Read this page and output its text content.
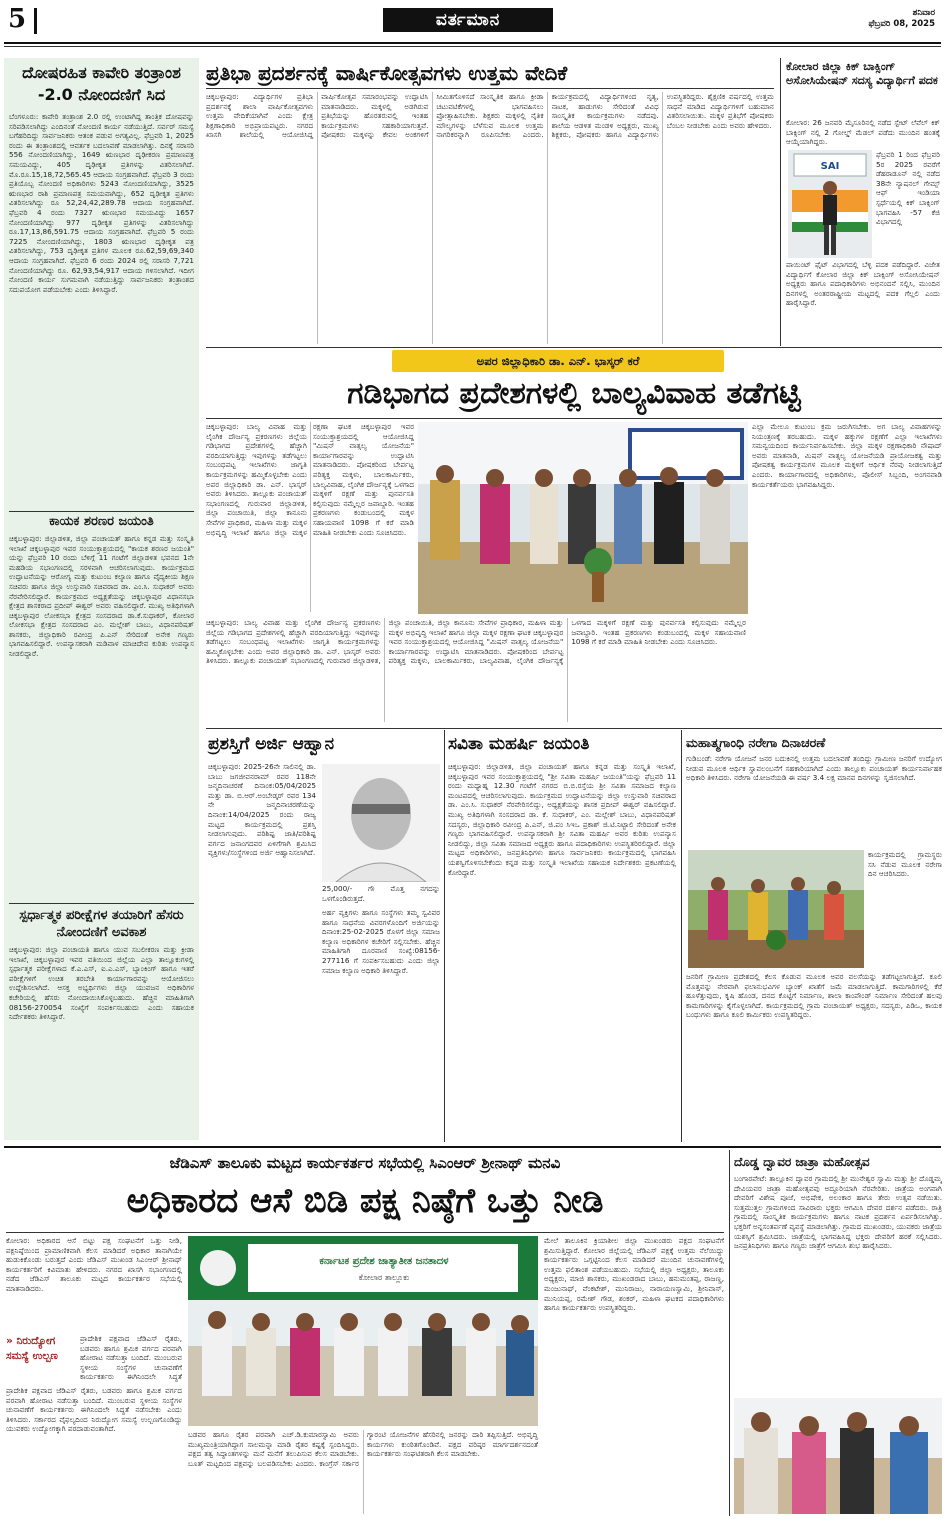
5	ವರ್ತಮಾನ	ಶನಿವಾರ
ಫೆಬ್ರವರಿ 08, 2025
ದೋಷರಹಿತ ಕಾವೇರಿ ತಂತ್ರಾಂಶ -2.0 ನೋಂದಣಿಗೆ ಸಿದ
ಬೆಂಗಳೂರು: ಕಾವೇರಿ ತಂತ್ರಾಂಶ 2.0 ರಲ್ಲಿ ಉಂಟಾಗಿದ್ದ ತಾಂತ್ರಿಕ ದೋಷವನ್ನು ಸರಿಪಡಿಸಲಾಗಿದ್ದು ಎಂದಿನಂತೆ ನೋಂದಣಿ ಕಾರ್ಯ ನಡೆಯುತ್ತಿದೆ. ಸರ್ವರ್ ಸಮಸ್ಯೆ ಬಗೆಹರಿದಿದ್ದು ಸಾರ್ವಜನಿಕರು ಆತಂಕ ಪಡುವ ಅಗತ್ಯವಿಲ್ಲ. ಫೆಬ್ರವರಿ 1, 2025 ರಂದು ಈ ತಂತ್ರಾಂಶದಲ್ಲಿ ಆವರ್ತಕ ಬದಲಾವಣೆ ಮಾಡಲಾಗಿತ್ತು. ದಿನಕ್ಕೆ ಸರಾಸರಿ 556 ನೋಂದಣಿಯಾಗಿದ್ದು, 1649 ಋಣಭಾರ ದೃಢೀಕರಣ ಪ್ರಮಾಣಪತ್ರ ಸಮಯವಿದ್ದು, 405 ದೃಢೀಕೃತ ಪ್ರತಿಗಳನ್ನು ವಿತರಿಸಲಾಗಿದೆ. ಮೊ.ರೂ.15,18,72,565.45 ಆದಾಯ ಸಂಗ್ರಹವಾಗಿದೆ. ಫೆಬ್ರವರಿ 3 ರಂದು ಪ್ರತಿಯೊಬ್ಬ ನೋಂದಣಿ ಅಧಿಕಾರಿಗಳು 5243 ನೋಂದಣಿಯಾಗಿದ್ದು, 3525 ಋಣಭಾರ ರಾಶಿ ಪ್ರಮಾಣಪತ್ರ ಸಮಯವಾಗಿದ್ದು, 652 ದೃಢೀಕೃತ ಪ್ರತಿಗಳು ವಿತರಿಸಲಾಗಿದ್ದು ರೂ 52,24,42,289.78 ಆದಾಯ ಸಂಗ್ರಹವಾಗಿದೆ. ಫೆಬ್ರವರಿ 4 ರಂದು 7327 ಋಣಭಾರ ಸಮಯವಿದ್ದು 1657 ನೋಂದಣಿಯಾಗಿದ್ದು 977 ದೃಢೀಕೃತ ಪ್ರತಿಗಳನ್ನು ವಿತರಿಸಲಾಗಿದ್ದು ರೂ.17,13,86,591.75 ಆದಾಯ ಸಂಗ್ರಹವಾಗಿದೆ. ಫೆಬ್ರವರಿ 5 ರಂದು 7225 ನೋಂದಣಿಯಾಗಿದ್ದು, 1803 ಋಣಭಾರ ದೃಢೀಕೃತ ಪತ್ರ ವಿತರಿಸಲಾಗಿದ್ದು, 753 ದೃಢೀಕೃತ ಪ್ರತಿಗಳ ಮೂಲಕ ರೂ.62,59,69,340 ಆದಾಯ ಸಂಗ್ರಹವಾಗಿದೆ. ಫೆಬ್ರವರಿ 6 ರಂದು 2024 ರಲ್ಲಿ ಸರಾಸರಿ 7,721 ನೋಂದಣಿಯಾಗಿದ್ದು ರೂ. 62,93,54,917 ಆದಾಯ ಗಳಿಸಲಾಗಿದೆ. ಇದೀಗ ನೋಂದಣಿ ಕಾರ್ಯ ಸುಗಮವಾಗಿ ನಡೆಯುತ್ತಿದ್ದು ಸಾರ್ವಜನಿಕರು ತಂತ್ರಾಂಶದ ಸದುಪಯೋಗ ಪಡೆಯಬೇಕು ಎಂದು ತಿಳಿಸಿದ್ದಾರೆ.
ಕಾಯಕ ಶರಣರ ಜಯಂತಿ
ಚಿಕ್ಕಬಳ್ಳಾಪುರ: ಜಿಲ್ಲಾಡಳಿತ, ಜಿಲ್ಲಾ ಪಂಚಾಯತ್ ಹಾಗೂ ಕನ್ನಡ ಮತ್ತು ಸಂಸ್ಕೃತಿ ಇಲಾಖೆ ಚಿಕ್ಕಬಳ್ಳಾಪುರ ಇವರ ಸಂಯುಕ್ತಾಶ್ರಯದಲ್ಲಿ "ಕಾಯಕ ಶರಣರ ಜಯಂತಿ" ಯನ್ನು ಫೆಬ್ರವರಿ 10 ರಂದು ಬೆಳಿಗ್ಗೆ 11 ಗಂಟೆಗೆ ಜಿಲ್ಲಾಡಳಿತ ಭವನದ 1ನೇ ಮಹಡಿಯ ಸಭಾಂಗಣದಲ್ಲಿ ಸರಳವಾಗಿ ಆಚರಿಸಲಾಗುವುದು. ಕಾರ್ಯಕ್ರಮದ ಉದ್ಘಾಟನೆಯನ್ನು ಆರೋಗ್ಯ ಮತ್ತು ಕುಟುಂಬ ಕಲ್ಯಾಣ ಹಾಗೂ ವೈದ್ಯಕೀಯ ಶಿಕ್ಷಣ ಸಚಿವರು ಹಾಗೂ ಜಿಲ್ಲಾ ಉಸ್ತುವಾರಿ ಸಚಿವರಾದ ಡಾ. ಎಂ.ಸಿ. ಸುಧಾಕರ್ ಅವರು ನೆರವೇರಿಸಲಿದ್ದಾರೆ. ಕಾರ್ಯಕ್ರಮದ ಅಧ್ಯಕ್ಷತೆಯನ್ನು ಚಿಕ್ಕಬಳ್ಳಾಪುರ ವಿಧಾನಸಭಾ ಕ್ಷೇತ್ರದ ಶಾಸಕರಾದ ಪ್ರದೀಪ್ ಈಶ್ವರ್ ಅವರು ವಹಿಸಲಿದ್ದಾರೆ. ಮುಖ್ಯ ಅತಿಥಿಗಳಾಗಿ ಚಿಕ್ಕಬಳ್ಳಾಪುರ ಲೋಕಸಭಾ ಕ್ಷೇತ್ರದ ಸಂಸದರಾದ ಡಾ.ಕೆ.ಸುಧಾಕರ್, ಕೋಲಾರ ಲೋಕಸಭಾ ಕ್ಷೇತ್ರದ ಸಂಸದರಾದ ಎಂ. ಮಲ್ಲೇಶ್ ಬಾಬು, ವಿಧಾನಪರಿಷತ್ ಶಾಸಕರು, ಜಿಲ್ಲಾಧಿಕಾರಿ ರವೀಂದ್ರ ಪಿ.ಎನ್ ಸೇರಿದಂತೆ ಅನೇಕ ಗಣ್ಯರು ಭಾಗವಹಿಸಲಿದ್ದಾರೆ. ಉಪನ್ಯಾಸಕರಾಗಿ ಮಡಿವಾಳ ಮಾಚಿದೇವ ಕುರಿತು ಉಪನ್ಯಾಸ ನೀಡಲಿದ್ದಾರೆ.
ಸ್ಪರ್ಧಾತ್ಮಕ ಪರೀಕ್ಷೆಗಳ ತಯಾರಿಗೆ ಹೆಸರು ನೋಂದಣಿಗೆ ಅವಕಾಶ
ಚಿಕ್ಕಬಳ್ಳಾಪುರ: ಜಿಲ್ಲಾ ಪಂಚಾಯತಿ ಹಾಗೂ ಯುವ ಸಬಲೀಕರಣ ಮತ್ತು ಕ್ರೀಡಾ ಇಲಾಖೆ, ಚಿಕ್ಕಬಳ್ಳಾಪುರ ಇವರ ವತಿಯಿಂದ ಜಿಲ್ಲೆಯ ಎಲ್ಲಾ ತಾಲ್ಲೂಕುಗಳಲ್ಲಿ ಸ್ಪರ್ಧಾತ್ಮಕ ಪರೀಕ್ಷೆಗಳಾದ ಕೆ.ಎ.ಎಸ್, ಐ.ಎ.ಎಸ್, ಬ್ಯಾಂಕಿಂಗ್ ಹಾಗೂ ಇತರೆ ಪರೀಕ್ಷೆಗಳಿಗೆ ಉಚಿತ ತರಬೇತಿ ಕಾರ್ಯಾಗಾರವನ್ನು ಆಯೋಜಿಸಲು ಉದ್ದೇಶಿಸಲಾಗಿದೆ. ಆಸಕ್ತ ಅಭ್ಯರ್ಥಿಗಳು ಜಿಲ್ಲಾ ಯುವಜನ ಅಧಿಕಾರಿಗಳ ಕಚೇರಿಯಲ್ಲಿ ಹೆಸರು ನೋಂದಾಯಿಸಿಕೊಳ್ಳಬಹುದು. ಹೆಚ್ಚಿನ ಮಾಹಿತಿಗಾಗಿ 08156-270054 ಸಂಖ್ಯೆಗೆ ಸಂಪರ್ಕಿಸಬಹುದು ಎಂದು ಸಹಾಯಕ ನಿರ್ದೇಶಕರು ತಿಳಿಸಿದ್ದಾರೆ.
ಪ್ರತಿಭಾ ಪ್ರದರ್ಶನಕ್ಕೆ ವಾರ್ಷಿಕೋತ್ಸವಗಳು ಉತ್ತಮ ವೇದಿಕೆ
ಚಿಕ್ಕಬಳ್ಳಾಪುರ: ವಿದ್ಯಾರ್ಥಿಗಳ ಪ್ರತಿಭಾ ಪ್ರದರ್ಶನಕ್ಕೆ ಶಾಲಾ ವಾರ್ಷಿಕೋತ್ಸವಗಳು ಉತ್ತಮ ವೇದಿಕೆಯಾಗಿವೆ ಎಂದು ಕ್ಷೇತ್ರ ಶಿಕ್ಷಣಾಧಿಕಾರಿ ಅಭಿಪ್ರಾಯಪಟ್ಟರು. ನಗರದ ಖಾಸಗಿ ಶಾಲೆಯಲ್ಲಿ ಆಯೋಜಿಸಿದ್ದ ವಾರ್ಷಿಕೋತ್ಸವ ಸಮಾರಂಭವನ್ನು ಉದ್ಘಾಟಿಸಿ ಮಾತನಾಡಿದರು. ಮಕ್ಕಳಲ್ಲಿ ಅಡಗಿರುವ ಪ್ರತಿಭೆಯನ್ನು ಹೊರತರುವಲ್ಲಿ ಇಂತಹ ಕಾರ್ಯಕ್ರಮಗಳು ಸಹಕಾರಿಯಾಗುತ್ತವೆ. ಪೋಷಕರು ಮಕ್ಕಳನ್ನು ಕೇವಲ ಅಂಕಗಳಿಗೆ ಸೀಮಿತಗೊಳಿಸದೆ ಸಾಂಸ್ಕೃತಿಕ ಹಾಗೂ ಕ್ರೀಡಾ ಚಟುವಟಿಕೆಗಳಲ್ಲಿ ಭಾಗವಹಿಸಲು ಪ್ರೋತ್ಸಾಹಿಸಬೇಕು. ಶಿಕ್ಷಕರು ಮಕ್ಕಳಲ್ಲಿ ನೈತಿಕ ಮೌಲ್ಯಗಳನ್ನು ಬೆಳೆಸುವ ಮೂಲಕ ಉತ್ತಮ ನಾಗರಿಕರನ್ನಾಗಿ ರೂಪಿಸಬೇಕು ಎಂದರು. ಕಾರ್ಯಕ್ರಮದಲ್ಲಿ ವಿದ್ಯಾರ್ಥಿಗಳಿಂದ ನೃತ್ಯ, ನಾಟಕ, ಹಾಡುಗಳು ಸೇರಿದಂತೆ ವಿವಿಧ ಸಾಂಸ್ಕೃತಿಕ ಕಾರ್ಯಕ್ರಮಗಳು ನಡೆದವು. ಶಾಲೆಯ ಆಡಳಿತ ಮಂಡಳಿ ಅಧ್ಯಕ್ಷರು, ಮುಖ್ಯ ಶಿಕ್ಷಕರು, ಪೋಷಕರು ಹಾಗೂ ವಿದ್ಯಾರ್ಥಿಗಳು ಉಪಸ್ಥಿತರಿದ್ದರು. ಶೈಕ್ಷಣಿಕ ವರ್ಷದಲ್ಲಿ ಉತ್ತಮ ಸಾಧನೆ ಮಾಡಿದ ವಿದ್ಯಾರ್ಥಿಗಳಿಗೆ ಬಹುಮಾನ ವಿತರಿಸಲಾಯಿತು. ಮಕ್ಕಳ ಪ್ರತಿಭೆಗೆ ಪೋಷಕರು ಬೆಂಬಲ ನೀಡಬೇಕು ಎಂದು ಅವರು ಹೇಳಿದರು.
ಕೋಲಾರ ಜಿಲ್ಲಾ ಕಿಕ್ ಬಾಕ್ಸಿಂಗ್ ಅಸೋಸಿಯೇಷನ್ ಸದಸ್ಯ ವಿದ್ಯಾರ್ಥಿಗೆ ಪದಕ
ಕೋಲಾರ: 26 ಜನವರಿ ಮೈಸೂರಿನಲ್ಲಿ ನಡೆದ ಸ್ಟೇಟ್ ಲೆವೆಲ್ ಕಿಕ್ ಬಾಕ್ಸಿಂಗ್ ನಲ್ಲಿ 2 ಗೋಲ್ಡ್ ಮೆಡಲ್ ಪಡೆದು ಮುಂದಿನ ಹಂತಕ್ಕೆ ಆಯ್ಕೆಯಾಗಿದ್ದರು.
SAI
ಫೆಬ್ರವರಿ 1 ರಿಂದ ಫೆಬ್ರವರಿ 5ರ 2025 ರವರೆಗೆ ಡೆಹರಾಡೂನ್ ನಲ್ಲಿ ನಡೆದ 38ನೇ ನ್ಯಾಷನಲ್ ಗೇಮ್ಸ್ ಆಫ್ ಇಂಡಿಯಾ ಸ್ಪರ್ಧೆಯಲ್ಲಿ ಕಿಕ್ ಬಾಕ್ಸಿಂಗ್ ಭಾಗವಹಿಸಿ -57 ಕೆಜಿ ವಿಭಾಗದಲ್ಲಿ
ಪಾಯಿಂಟ್ ಫೈಟ್ ವಿಭಾಗದಲ್ಲಿ ಬೆಳ್ಳಿ ಪದಕ ಪಡೆದಿದ್ದಾರೆ. ವಿಜೇತ ವಿದ್ಯಾರ್ಥಿಗೆ ಕೋಲಾರ ಜಿಲ್ಲಾ ಕಿಕ್ ಬಾಕ್ಸಿಂಗ್ ಅಸೋಸಿಯೇಷನ್ ಅಧ್ಯಕ್ಷರು ಹಾಗೂ ಪದಾಧಿಕಾರಿಗಳು ಅಭಿನಂದನೆ ಸಲ್ಲಿಸಿ, ಮುಂದಿನ ದಿನಗಳಲ್ಲಿ ಅಂತರರಾಷ್ಟ್ರೀಯ ಮಟ್ಟದಲ್ಲಿ ಪದಕ ಗೆಲ್ಲಲಿ ಎಂದು ಹಾರೈಸಿದ್ದಾರೆ.
ಅಪರ ಜಿಲ್ಲಾಧಿಕಾರಿ ಡಾ. ಎನ್. ಭಾಸ್ಕರ್ ಕರೆ
ಗಡಿಭಾಗದ ಪ್ರದೇಶಗಳಲ್ಲಿ ಬಾಲ್ಯವಿವಾಹ ತಡೆಗಟ್ಟಿ
ಚಿಕ್ಕಬಳ್ಳಾಪುರ: ಬಾಲ್ಯ ವಿವಾಹ ಮತ್ತು ಲೈಂಗಿಕ ದೌರ್ಜನ್ಯ ಪ್ರಕರಣಗಳು ಜಿಲ್ಲೆಯ ಗಡಿಭಾಗದ ಪ್ರದೇಶಗಳಲ್ಲಿ ಹೆಚ್ಚಾಗಿ ವರದಿಯಾಗುತ್ತಿದ್ದು ಇವುಗಳನ್ನು ತಡೆಗಟ್ಟಲು ಸಂಬಂಧಪಟ್ಟ ಇಲಾಖೆಗಳು ಜಾಗೃತಿ ಕಾರ್ಯಕ್ರಮಗಳನ್ನು ಹಮ್ಮಿಕೊಳ್ಳಬೇಕು ಎಂದು ಅಪರ ಜಿಲ್ಲಾಧಿಕಾರಿ ಡಾ. ಎನ್. ಭಾಸ್ಕರ್ ಅವರು ತಿಳಿಸಿದರು. ತಾಲ್ಲೂಕು ಪಂಚಾಯತ್ ಸಭಾಂಗಣದಲ್ಲಿ ಗುರುವಾರ ಜಿಲ್ಲಾಡಳಿತ, ಜಿಲ್ಲಾ ಪಂಚಾಯಿತಿ, ಜಿಲ್ಲಾ ಕಾನೂನು ಸೇವೆಗಳ ಪ್ರಾಧಿಕಾರ, ಮಹಿಳಾ ಮತ್ತು ಮಕ್ಕಳ ಅಭಿವೃದ್ಧಿ ಇಲಾಖೆ ಹಾಗೂ ಜಿಲ್ಲಾ ಮಕ್ಕಳ ರಕ್ಷಣಾ ಘಟಕ ಚಿಕ್ಕಬಳ್ಳಾಪುರ ಇವರ ಸಂಯುಕ್ತಾಶ್ರಯದಲ್ಲಿ ಆಯೋಜಿಸಿದ್ದ "ಮಿಷನ್ ವಾತ್ಸಲ್ಯ ಯೋಜನೆಯ" ಕಾರ್ಯಾಗಾರವನ್ನು ಉದ್ಘಾಟಿಸಿ ಮಾತನಾಡಿದರು. ಪೋಷಕರಿಂದ ಬೇರ್ಪಟ್ಟ ಪರಿತ್ಯಕ್ತ ಮಕ್ಕಳು, ಬಾಲಕಾರ್ಮಿಕರು, ಬಾಲ್ಯವಿವಾಹ, ಲೈಂಗಿಕ ದೌರ್ಜನ್ಯಕ್ಕೆ ಒಳಗಾದ ಮಕ್ಕಳಿಗೆ ರಕ್ಷಣೆ ಮತ್ತು ಪುನರ್ವಸತಿ ಕಲ್ಪಿಸುವುದು ನಮ್ಮೆಲ್ಲರ ಜವಾಬ್ದಾರಿ. ಇಂತಹ ಪ್ರಕರಣಗಳು ಕಂಡುಬಂದಲ್ಲಿ ಮಕ್ಕಳ ಸಹಾಯವಾಣಿ 1098 ಗೆ ಕರೆ ಮಾಡಿ ಮಾಹಿತಿ ನೀಡಬೇಕು ಎಂದು ಸೂಚಿಸಿದರು.
ಎಲ್ಲಾ ಮೇಲೂ ಕುಟುಂಬ ಕ್ರಮ ಜರುಗಿಸಬೇಕು. ಅಗ ಬಾಲ್ಯ ವಿವಾಹಗಳನ್ನು ನಿಯಂತ್ರಣಕ್ಕೆ ತರಬಹುದು. ಮಕ್ಕಳ ಹಕ್ಕುಗಳ ರಕ್ಷಣೆಗೆ ಎಲ್ಲಾ ಇಲಾಖೆಗಳು ಸಮನ್ವಯದಿಂದ ಕಾರ್ಯನಿರ್ವಹಿಸಬೇಕು. ಜಿಲ್ಲಾ ಮಕ್ಕಳ ರಕ್ಷಣಾಧಿಕಾರಿ ನೌಷಾದ್ ಅವರು ಮಾತನಾಡಿ, ಮಿಷನ್ ವಾತ್ಸಲ್ಯ ಯೋಜನೆಯಡಿ ಪ್ರಾಯೋಜಕತ್ವ ಮತ್ತು ಪೋಷಕತ್ವ ಕಾರ್ಯಕ್ರಮಗಳ ಮೂಲಕ ಮಕ್ಕಳಿಗೆ ಆರ್ಥಿಕ ನೆರವು ನೀಡಲಾಗುತ್ತಿದೆ ಎಂದರು. ಕಾರ್ಯಾಗಾರದಲ್ಲಿ ಅಧಿಕಾರಿಗಳು, ಪೊಲೀಸ್ ಸಿಬ್ಬಂದಿ, ಅಂಗನವಾಡಿ ಕಾರ್ಯಕರ್ತೆಯರು ಭಾಗವಹಿಸಿದ್ದರು.
ಚಿಕ್ಕಬಳ್ಳಾಪುರ: ಬಾಲ್ಯ ವಿವಾಹ ಮತ್ತು ಲೈಂಗಿಕ ದೌರ್ಜನ್ಯ ಪ್ರಕರಣಗಳು ಜಿಲ್ಲೆಯ ಗಡಿಭಾಗದ ಪ್ರದೇಶಗಳಲ್ಲಿ ಹೆಚ್ಚಾಗಿ ವರದಿಯಾಗುತ್ತಿದ್ದು ಇವುಗಳನ್ನು ತಡೆಗಟ್ಟಲು ಸಂಬಂಧಪಟ್ಟ ಇಲಾಖೆಗಳು ಜಾಗೃತಿ ಕಾರ್ಯಕ್ರಮಗಳನ್ನು ಹಮ್ಮಿಕೊಳ್ಳಬೇಕು ಎಂದು ಅಪರ ಜಿಲ್ಲಾಧಿಕಾರಿ ಡಾ. ಎನ್. ಭಾಸ್ಕರ್ ಅವರು ತಿಳಿಸಿದರು. ತಾಲ್ಲೂಕು ಪಂಚಾಯತ್ ಸಭಾಂಗಣದಲ್ಲಿ ಗುರುವಾರ ಜಿಲ್ಲಾಡಳಿತ, ಜಿಲ್ಲಾ ಪಂಚಾಯಿತಿ, ಜಿಲ್ಲಾ ಕಾನೂನು ಸೇವೆಗಳ ಪ್ರಾಧಿಕಾರ, ಮಹಿಳಾ ಮತ್ತು ಮಕ್ಕಳ ಅಭಿವೃದ್ಧಿ ಇಲಾಖೆ ಹಾಗೂ ಜಿಲ್ಲಾ ಮಕ್ಕಳ ರಕ್ಷಣಾ ಘಟಕ ಚಿಕ್ಕಬಳ್ಳಾಪುರ ಇವರ ಸಂಯುಕ್ತಾಶ್ರಯದಲ್ಲಿ ಆಯೋಜಿಸಿದ್ದ "ಮಿಷನ್ ವಾತ್ಸಲ್ಯ ಯೋಜನೆಯ" ಕಾರ್ಯಾಗಾರವನ್ನು ಉದ್ಘಾಟಿಸಿ ಮಾತನಾಡಿದರು. ಪೋಷಕರಿಂದ ಬೇರ್ಪಟ್ಟ ಪರಿತ್ಯಕ್ತ ಮಕ್ಕಳು, ಬಾಲಕಾರ್ಮಿಕರು, ಬಾಲ್ಯವಿವಾಹ, ಲೈಂಗಿಕ ದೌರ್ಜನ್ಯಕ್ಕೆ ಒಳಗಾದ ಮಕ್ಕಳಿಗೆ ರಕ್ಷಣೆ ಮತ್ತು ಪುನರ್ವಸತಿ ಕಲ್ಪಿಸುವುದು ನಮ್ಮೆಲ್ಲರ ಜವಾಬ್ದಾರಿ. ಇಂತಹ ಪ್ರಕರಣಗಳು ಕಂಡುಬಂದಲ್ಲಿ ಮಕ್ಕಳ ಸಹಾಯವಾಣಿ 1098 ಗೆ ಕರೆ ಮಾಡಿ ಮಾಹಿತಿ ನೀಡಬೇಕು ಎಂದು ಸೂಚಿಸಿದರು.
ಪ್ರಶಸ್ತಿಗೆ ಅರ್ಜಿ ಆಹ್ವಾನ
ಚಿಕ್ಕಬಳ್ಳಾಪುರ: 2025-26ನೇ ಸಾಲಿನಲ್ಲಿ ಡಾ. ಬಾಬು ಜಗಜೀವನರಾಮ್ ರವರ 118ನೇ ಜನ್ಮದಿನಾಚರಣೆ ದಿನಾಂಕ:05/04/2025 ಮತ್ತು ಡಾ. ಬಿ.ಆರ್.ಅಂಬೇಡ್ಕರ್ ರವರ 134 ನೇ ಜನ್ಮದಿನಾಚರಣೆಯನ್ನು ದಿನಾಂಕ:14/04/2025 ರಂದು ರಾಜ್ಯ ಮಟ್ಟದ ಕಾರ್ಯಕ್ರಮದಲ್ಲಿ ಪ್ರಶಸ್ತಿ ನೀಡಲಾಗುವುದು. ಪರಿಶಿಷ್ಟ ಜಾತಿ/ಪರಿಶಿಷ್ಟ ವರ್ಗದ ಜನಾಂಗದವರ ಏಳಿಗೆಗಾಗಿ ಶ್ರಮಿಸಿದ ವ್ಯಕ್ತಿಗಳು/ಸಂಸ್ಥೆಗಳಿಂದ ಅರ್ಜಿ ಆಹ್ವಾನಿಸಲಾಗಿದೆ.
25,000/- ಗೌ ಮೊತ್ತ ನಗದನ್ನು ಒಳಗೊಂಡಿರುತ್ತದೆ.
ಅರ್ಹ ವ್ಯಕ್ತಿಗಳು ಹಾಗೂ ಸಂಸ್ಥೆಗಳು ತಮ್ಮ ಸ್ವವಿವರ ಹಾಗೂ ಸಾಧನೆಯ ವಿವರಗಳೊಂದಿಗೆ ಅರ್ಜಿಯನ್ನು ದಿನಾಂಕ:25-02-2025 ರೊಳಗೆ ಜಿಲ್ಲಾ ಸಮಾಜ ಕಲ್ಯಾಣ ಅಧಿಕಾರಿಗಳ ಕಚೇರಿಗೆ ಸಲ್ಲಿಸಬೇಕು. ಹೆಚ್ಚಿನ ಮಾಹಿತಿಗಾಗಿ ದೂರವಾಣಿ ಸಂಖ್ಯೆ:08156-277116 ಗೆ ಸಂಪರ್ಕಿಸಬಹುದು ಎಂದು ಜಿಲ್ಲಾ ಸಮಾಜ ಕಲ್ಯಾಣ ಅಧಿಕಾರಿ ತಿಳಿಸಿದ್ದಾರೆ.
ಸವಿತಾ ಮಹರ್ಷಿ ಜಯಂತಿ
ಚಿಕ್ಕಬಳ್ಳಾಪುರ: ಜಿಲ್ಲಾಡಳಿತ, ಜಿಲ್ಲಾ ಪಂಚಾಯತ್ ಹಾಗೂ ಕನ್ನಡ ಮತ್ತು ಸಂಸ್ಕೃತಿ ಇಲಾಖೆ, ಚಿಕ್ಕಬಳ್ಳಾಪುರ ಇವರ ಸಂಯುಕ್ತಾಶ್ರಯದಲ್ಲಿ "ಶ್ರೀ ಸವಿತಾ ಮಹರ್ಷಿ ಜಯಂತಿ"ಯನ್ನು ಫೆಬ್ರವರಿ 11 ರಂದು ಮಧ್ಯಾಹ್ನ 12.30 ಗಂಟೆಗೆ ನಗರದ ಬಿ.ಬಿ.ರಸ್ತೆಯ ಶ್ರೀ ಸವಿತಾ ಸಮಾಜದ ಕಲ್ಯಾಣ ಮಂಟಪದಲ್ಲಿ ಆಚರಿಸಲಾಗುವುದು. ಕಾರ್ಯಕ್ರಮದ ಉದ್ಘಾಟನೆಯನ್ನು ಜಿಲ್ಲಾ ಉಸ್ತುವಾರಿ ಸಚಿವರಾದ ಡಾ. ಎಂ.ಸಿ. ಸುಧಾಕರ್ ನೆರವೇರಿಸಲಿದ್ದು, ಅಧ್ಯಕ್ಷತೆಯನ್ನು ಶಾಸಕ ಪ್ರದೀಪ್ ಈಶ್ವರ್ ವಹಿಸಲಿದ್ದಾರೆ. ಮುಖ್ಯ ಅತಿಥಿಗಳಾಗಿ ಸಂಸದರಾದ ಡಾ. ಕೆ. ಸುಧಾಕರ್, ಎಂ. ಮಲ್ಲೇಶ್ ಬಾಬು, ವಿಧಾನಪರಿಷತ್ ಸದಸ್ಯರು, ಜಿಲ್ಲಾಧಿಕಾರಿ ರವೀಂದ್ರ ಪಿ.ಎನ್, ಜಿ.ಪಂ ಸಿಇಒ ಪ್ರಕಾಶ್ ಜಿ.ಟಿ.ನಿಟ್ಟಾಲಿ ಸೇರಿದಂತೆ ಅನೇಕ ಗಣ್ಯರು ಭಾಗವಹಿಸಲಿದ್ದಾರೆ. ಉಪನ್ಯಾಸಕರಾಗಿ ಶ್ರೀ ಸವಿತಾ ಮಹರ್ಷಿ ಅವರ ಕುರಿತು ಉಪನ್ಯಾಸ ನೀಡಲಿದ್ದು, ಜಿಲ್ಲಾ ಸವಿತಾ ಸಮಾಜದ ಅಧ್ಯಕ್ಷರು ಹಾಗೂ ಪದಾಧಿಕಾರಿಗಳು ಉಪಸ್ಥಿತರಿರಲಿದ್ದಾರೆ. ಜಿಲ್ಲಾ ಮಟ್ಟದ ಅಧಿಕಾರಿಗಳು, ಜನಪ್ರತಿನಿಧಿಗಳು ಹಾಗೂ ಸಾರ್ವಜನಿಕರು ಕಾರ್ಯಕ್ರಮದಲ್ಲಿ ಭಾಗವಹಿಸಿ ಯಶಸ್ವಿಗೊಳಿಸಬೇಕೆಂದು ಕನ್ನಡ ಮತ್ತು ಸಂಸ್ಕೃತಿ ಇಲಾಖೆಯ ಸಹಾಯಕ ನಿರ್ದೇಶಕರು ಪ್ರಕಟಣೆಯಲ್ಲಿ ಕೋರಿದ್ದಾರೆ.
ಮಹಾತ್ಮಗಾಂಧಿ ನರೇಗಾ ದಿನಾಚರಣೆ
ಗುಡಿಬಂಡೆ: ನರೇಗಾ ಯೋಜನೆ ಜನರ ಬದುಕಿನಲ್ಲಿ ಉತ್ತಮ ಬದಲಾವಣೆ ತಂದಿದ್ದು ಗ್ರಾಮೀಣ ಜನರಿಗೆ ಉದ್ಯೋಗ ನೀಡುವ ಮೂಲಕ ಆರ್ಥಿಕ ಸ್ವಾವಲಂಬನೆಗೆ ಸಹಕಾರಿಯಾಗಿದೆ ಎಂದು ತಾಲ್ಲೂಕು ಪಂಚಾಯತ್ ಕಾರ್ಯನಿರ್ವಾಹಕ ಅಧಿಕಾರಿ ತಿಳಿಸಿದರು. ನರೇಗಾ ಯೋಜನೆಯಡಿ ಈ ವರ್ಷ 3.4 ಲಕ್ಷ ಮಾನವ ದಿನಗಳನ್ನು ಸೃಜಿಸಲಾಗಿದೆ.
ಕಾರ್ಯಕ್ರಮದಲ್ಲಿ ಗ್ರಾಮಸ್ಥರು ಸಸಿ ನೆಡುವ ಮೂಲಕ ನರೇಗಾ ದಿನ ಆಚರಿಸಿದರು.
ಜನರಿಗೆ ಗ್ರಾಮೀಣ ಪ್ರದೇಶದಲ್ಲಿ ಕೆಲಸ ಕೊಡುವ ಮೂಲಕ ಅವರ ವಲಸೆಯನ್ನು ತಡೆಗಟ್ಟಲಾಗುತ್ತಿದೆ. ಕೂಲಿ ಮೊತ್ತವನ್ನು ನೇರವಾಗಿ ಫಲಾನುಭವಿಗಳ ಬ್ಯಾಂಕ್ ಖಾತೆಗೆ ಜಮೆ ಮಾಡಲಾಗುತ್ತಿದೆ. ಕಾಮಗಾರಿಗಳಲ್ಲಿ ಕೆರೆ ಹೂಳೆತ್ತುವುದು, ಕೃಷಿ ಹೊಂಡ, ದನದ ಕೊಟ್ಟಿಗೆ ನಿರ್ಮಾಣ, ಶಾಲಾ ಕಾಂಪೌಂಡ್ ನಿರ್ಮಾಣ ಸೇರಿದಂತೆ ಹಲವು ಕಾಮಗಾರಿಗಳನ್ನು ಕೈಗೊಳ್ಳಲಾಗಿದೆ. ಕಾರ್ಯಕ್ರಮದಲ್ಲಿ ಗ್ರಾಮ ಪಂಚಾಯತ್ ಅಧ್ಯಕ್ಷರು, ಸದಸ್ಯರು, ಪಿಡಿಒ, ಕಾಯಕ ಬಂಧುಗಳು ಹಾಗೂ ಕೂಲಿ ಕಾರ್ಮಿಕರು ಉಪಸ್ಥಿತರಿದ್ದರು.
ಜೆಡಿಎಸ್ ತಾಲೂಕು ಮಟ್ಟದ ಕಾರ್ಯಕರ್ತರ ಸಭೆಯಲ್ಲಿ ಸಿಎಂಆರ್ ಶ್ರೀನಾಥ್ ಮನವಿ
ಅಧಿಕಾರದ ಆಸೆ ಬಿಡಿ ಪಕ್ಷ ನಿಷ್ಠೆಗೆ ಒತ್ತು ನೀಡಿ
ಕೋಲಾರ: ಅಧಿಕಾರದ ಆಸೆ ಬಿಟ್ಟು ಪಕ್ಷ ಸಂಘಟನೆಗೆ ಒತ್ತು ನೀಡಿ, ಪಕ್ಷನಿಷ್ಠೆಯಿಂದ ಪ್ರಾಮಾಣಿಕವಾಗಿ ಕೆಲಸ ಮಾಡಿದರೆ ಅಧಿಕಾರ ತಾನಾಗಿಯೇ ಹುಡುಕಿಕೊಂಡು ಬರುತ್ತದೆ ಎಂದು ಜೆಡಿಎಸ್ ಮುಖಂಡ ಸಿಎಂಆರ್ ಶ್ರೀನಾಥ್ ಕಾರ್ಯಕರ್ತರಿಗೆ ಕಿವಿಮಾತು ಹೇಳಿದರು. ನಗರದ ಖಾಸಗಿ ಸಭಾಂಗಣದಲ್ಲಿ ನಡೆದ ಜೆಡಿಎಸ್ ತಾಲೂಕು ಮಟ್ಟದ ಕಾರ್ಯಕರ್ತರ ಸಭೆಯಲ್ಲಿ ಮಾತನಾಡಿದರು.
» ನಿರುದ್ಯೋಗ ಸಮಸ್ಯೆ ಉಲ್ಬಣ
ಪ್ರಾದೇಶಿಕ ಪಕ್ಷವಾದ ಜೆಡಿಎಸ್ ರೈತರು, ಬಡವರು ಹಾಗೂ ಶ್ರಮಿಕ ವರ್ಗದ ಪರವಾಗಿ ಹೋರಾಟ ನಡೆಸುತ್ತಾ ಬಂದಿದೆ. ಮುಂಬರುವ ಸ್ಥಳೀಯ ಸಂಸ್ಥೆಗಳ ಚುನಾವಣೆಗೆ ಕಾರ್ಯಕರ್ತರು ಈಗಿನಿಂದಲೇ ಸಿದ್ಧತೆ
ಪ್ರಾದೇಶಿಕ ಪಕ್ಷವಾದ ಜೆಡಿಎಸ್ ರೈತರು, ಬಡವರು ಹಾಗೂ ಶ್ರಮಿಕ ವರ್ಗದ ಪರವಾಗಿ ಹೋರಾಟ ನಡೆಸುತ್ತಾ ಬಂದಿದೆ. ಮುಂಬರುವ ಸ್ಥಳೀಯ ಸಂಸ್ಥೆಗಳ ಚುನಾವಣೆಗೆ ಕಾರ್ಯಕರ್ತರು ಈಗಿನಿಂದಲೇ ಸಿದ್ಧತೆ ನಡೆಸಬೇಕು ಎಂದು ತಿಳಿಸಿದರು. ಸರ್ಕಾರದ ವೈಫಲ್ಯದಿಂದ ನಿರುದ್ಯೋಗ ಸಮಸ್ಯೆ ಉಲ್ಬಣಗೊಂಡಿದ್ದು ಯುವಕರು ಉದ್ಯೋಗಕ್ಕಾಗಿ ಪರದಾಡುವಂತಾಗಿದೆ.
ಕರ್ನಾಟಕ ಪ್ರದೇಶ ಜಾತ್ಯಾತೀತ ಜನತಾದಳ
ಕೋಲಾರ ತಾಲ್ಲೂಕು
ಬಡವರ ಹಾಗೂ ರೈತರ ಪರವಾಗಿ ಎಚ್.ಡಿ.ಕುಮಾರಸ್ವಾಮಿ ಅವರು ಮುಖ್ಯಮಂತ್ರಿಯಾಗಿದ್ದಾಗ ಸಾಲಮನ್ನಾ ಮಾಡಿ ರೈತರ ಕಷ್ಟಕ್ಕೆ ಸ್ಪಂದಿಸಿದ್ದರು. ಪಕ್ಷದ ತತ್ವ ಸಿದ್ಧಾಂತಗಳನ್ನು ಮನೆ ಮನೆಗೆ ತಲುಪಿಸುವ ಕೆಲಸ ಮಾಡಬೇಕು. ಬೂತ್ ಮಟ್ಟದಿಂದ ಪಕ್ಷವನ್ನು ಬಲಪಡಿಸಬೇಕು ಎಂದರು. ಕಾಂಗ್ರೆಸ್ ಸರ್ಕಾರ ಗ್ಯಾರಂಟಿ ಯೋಜನೆಗಳ ಹೆಸರಿನಲ್ಲಿ ಜನರನ್ನು ದಾರಿ ತಪ್ಪಿಸುತ್ತಿದೆ. ಅಭಿವೃದ್ಧಿ ಕಾರ್ಯಗಳು ಕುಂಠಿತಗೊಂಡಿವೆ. ಪಕ್ಷದ ವರಿಷ್ಠರ ಮಾರ್ಗದರ್ಶನದಂತೆ ಕಾರ್ಯಕರ್ತರು ಸಂಘಟಿತರಾಗಿ ಕೆಲಸ ಮಾಡಬೇಕು.
ಮೇಲೆ ತಾಲೂಕಿನ ಕ್ರಿಯಾಶೀಲ ಜಿಲ್ಲಾ ಮುಖಂಡರು ಪಕ್ಷದ ಸಂಘಟನೆಗೆ ಶ್ರಮಿಸುತ್ತಿದ್ದಾರೆ. ಕೋಲಾರ ಜಿಲ್ಲೆಯಲ್ಲಿ ಜೆಡಿಎಸ್ ಪಕ್ಷಕ್ಕೆ ಉತ್ತಮ ನೆಲೆಯಿದ್ದು ಕಾರ್ಯಕರ್ತರು ಒಗ್ಗಟ್ಟಿನಿಂದ ಕೆಲಸ ಮಾಡಿದರೆ ಮುಂದಿನ ಚುನಾವಣೆಗಳಲ್ಲಿ ಉತ್ತಮ ಫಲಿತಾಂಶ ಪಡೆಯಬಹುದು. ಸಭೆಯಲ್ಲಿ ಜಿಲ್ಲಾ ಅಧ್ಯಕ್ಷರು, ತಾಲೂಕು ಅಧ್ಯಕ್ಷರು, ಮಾಜಿ ಶಾಸಕರು, ಮುಖಂಡರಾದ ಬಾಬು, ಹನುಮಂತಪ್ಪ, ರಾಜಣ್ಣ, ಮಂಜುನಾಥ್, ವೆಂಕಟೇಶ್, ಮುನಿರಾಜು, ನಾರಾಯಣಸ್ವಾಮಿ, ಶ್ರೀನಿವಾಸ್, ಮುನಿಯಪ್ಪ, ರಮೇಶ್ ಗೌಡ, ಶಂಕರ್, ಮಹಿಳಾ ಘಟಕದ ಪದಾಧಿಕಾರಿಗಳು ಹಾಗೂ ಕಾರ್ಯಕರ್ತರು ಉಪಸ್ಥಿತರಿದ್ದರು.
ದೊಡ್ಡ ದ್ವಾವರ ಜಾತ್ರಾ ಮಹೋತ್ಸವ
ಬಂಗಾರಪೇಟೆ: ತಾಲ್ಲೂಕಿನ ದ್ವಾವರ ಗ್ರಾಮದಲ್ಲಿ ಶ್ರೀ ಮುನೇಶ್ವರ ಸ್ವಾಮಿ ಮತ್ತು ಶ್ರೀ ದೊಡ್ಡಮ್ಮ ದೇವಿಯವರ ಜಾತ್ರಾ ಮಹೋತ್ಸವವು ಅದ್ದೂರಿಯಾಗಿ ನೆರವೇರಿತು. ಜಾತ್ರೆಯ ಅಂಗವಾಗಿ ದೇವರಿಗೆ ವಿಶೇಷ ಪೂಜೆ, ಅಭಿಷೇಕ, ಅಲಂಕಾರ ಹಾಗೂ ತೇರು ಉತ್ಸವ ನಡೆಯಿತು. ಸುತ್ತಮುತ್ತಲ ಗ್ರಾಮಗಳಿಂದ ಸಾವಿರಾರು ಭಕ್ತರು ಆಗಮಿಸಿ ದೇವರ ದರ್ಶನ ಪಡೆದರು. ರಾತ್ರಿ ಗ್ರಾಮದಲ್ಲಿ ಸಾಂಸ್ಕೃತಿಕ ಕಾರ್ಯಕ್ರಮಗಳು ಹಾಗೂ ನಾಟಕ ಪ್ರದರ್ಶನ ಏರ್ಪಡಿಸಲಾಗಿತ್ತು. ಭಕ್ತರಿಗೆ ಅನ್ನಸಂತರ್ಪಣೆ ವ್ಯವಸ್ಥೆ ಮಾಡಲಾಗಿತ್ತು. ಗ್ರಾಮದ ಮುಖಂಡರು, ಯುವಕರು ಜಾತ್ರೆಯ ಯಶಸ್ಸಿಗೆ ಶ್ರಮಿಸಿದರು. ಜಾತ್ರೆಯಲ್ಲಿ ಭಾಗವಹಿಸಿದ್ದ ಭಕ್ತರು ದೇವರಿಗೆ ಹರಕೆ ಸಲ್ಲಿಸಿದರು. ಜನಪ್ರತಿನಿಧಿಗಳು ಹಾಗೂ ಗಣ್ಯರು ಜಾತ್ರೆಗೆ ಆಗಮಿಸಿ ಶುಭ ಹಾರೈಸಿದರು.
